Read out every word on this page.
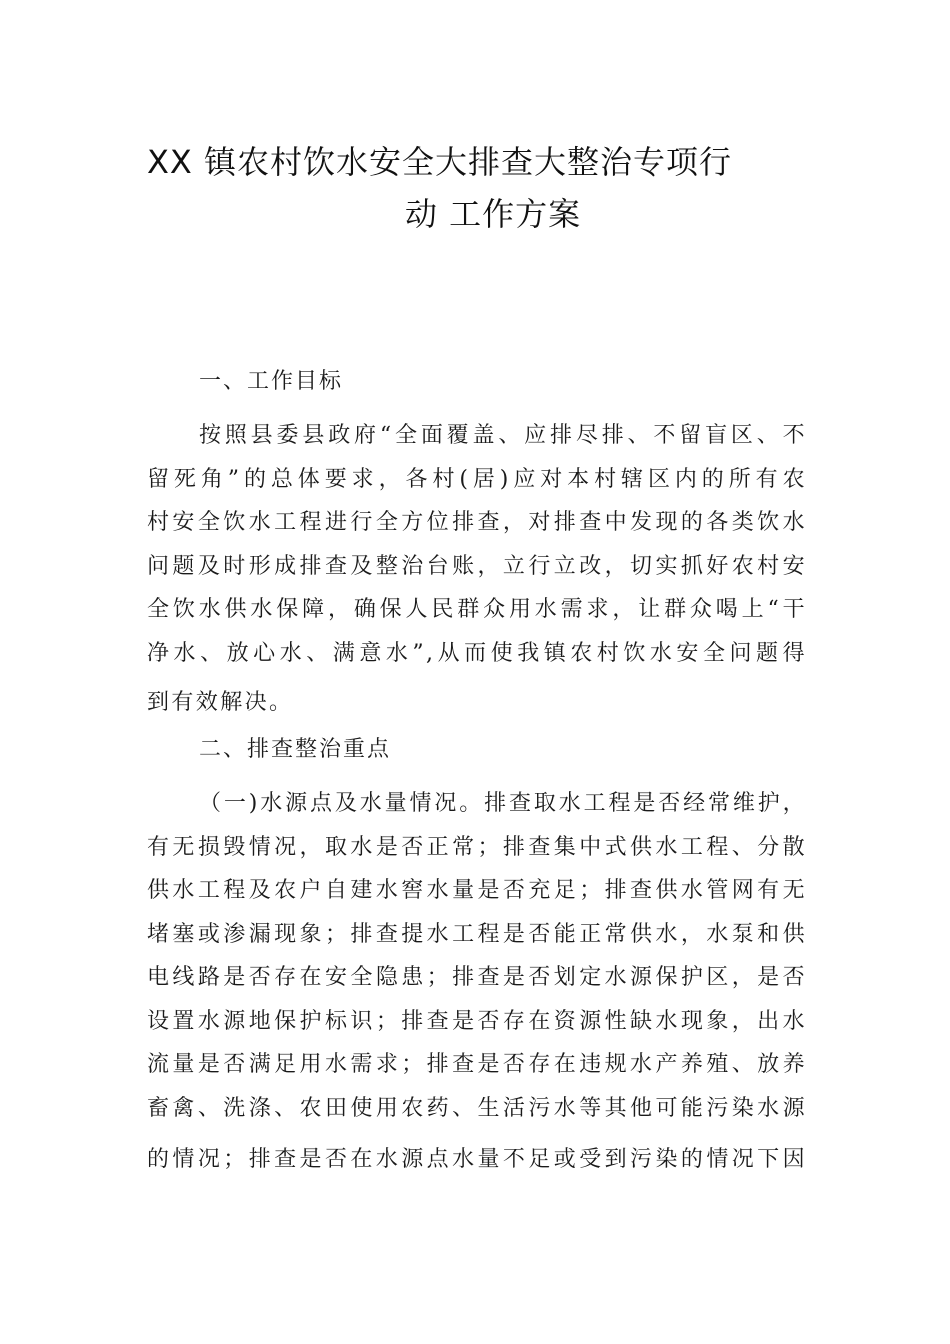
XX 镇农村饮水安全大排查大整治专项行
动 工作方案
一、工作目标
按照县委县政府“全面覆盖、应排尽排、不留盲区、不
留死角”的总体要求，各村(居)应对本村辖区内的所有农
村安全饮水工程进行全方位排查，对排查中发现的各类饮水
问题及时形成排查及整治台账，立行立改，切实抓好农村安
全饮水供水保障，确保人民群众用水需求，让群众喝上“干
净水、放心水、满意水”,从而使我镇农村饮水安全问题得
到有效解决。
二、排查整治重点
（一)水源点及水量情况。排查取水工程是否经常维护，
有无损毁情况，取水是否正常；排查集中式供水工程、分散
供水工程及农户自建水窖水量是否充足；排查供水管网有无
堵塞或渗漏现象；排查提水工程是否能正常供水，水泵和供
电线路是否存在安全隐患；排查是否划定水源保护区，是否
设置水源地保护标识；排查是否存在资源性缺水现象，出水
流量是否满足用水需求；排查是否存在违规水产养殖、放养
畜禽、洗涤、农田使用农药、生活污水等其他可能污染水源
的情况；排查是否在水源点水量不足或受到污染的情况下因
